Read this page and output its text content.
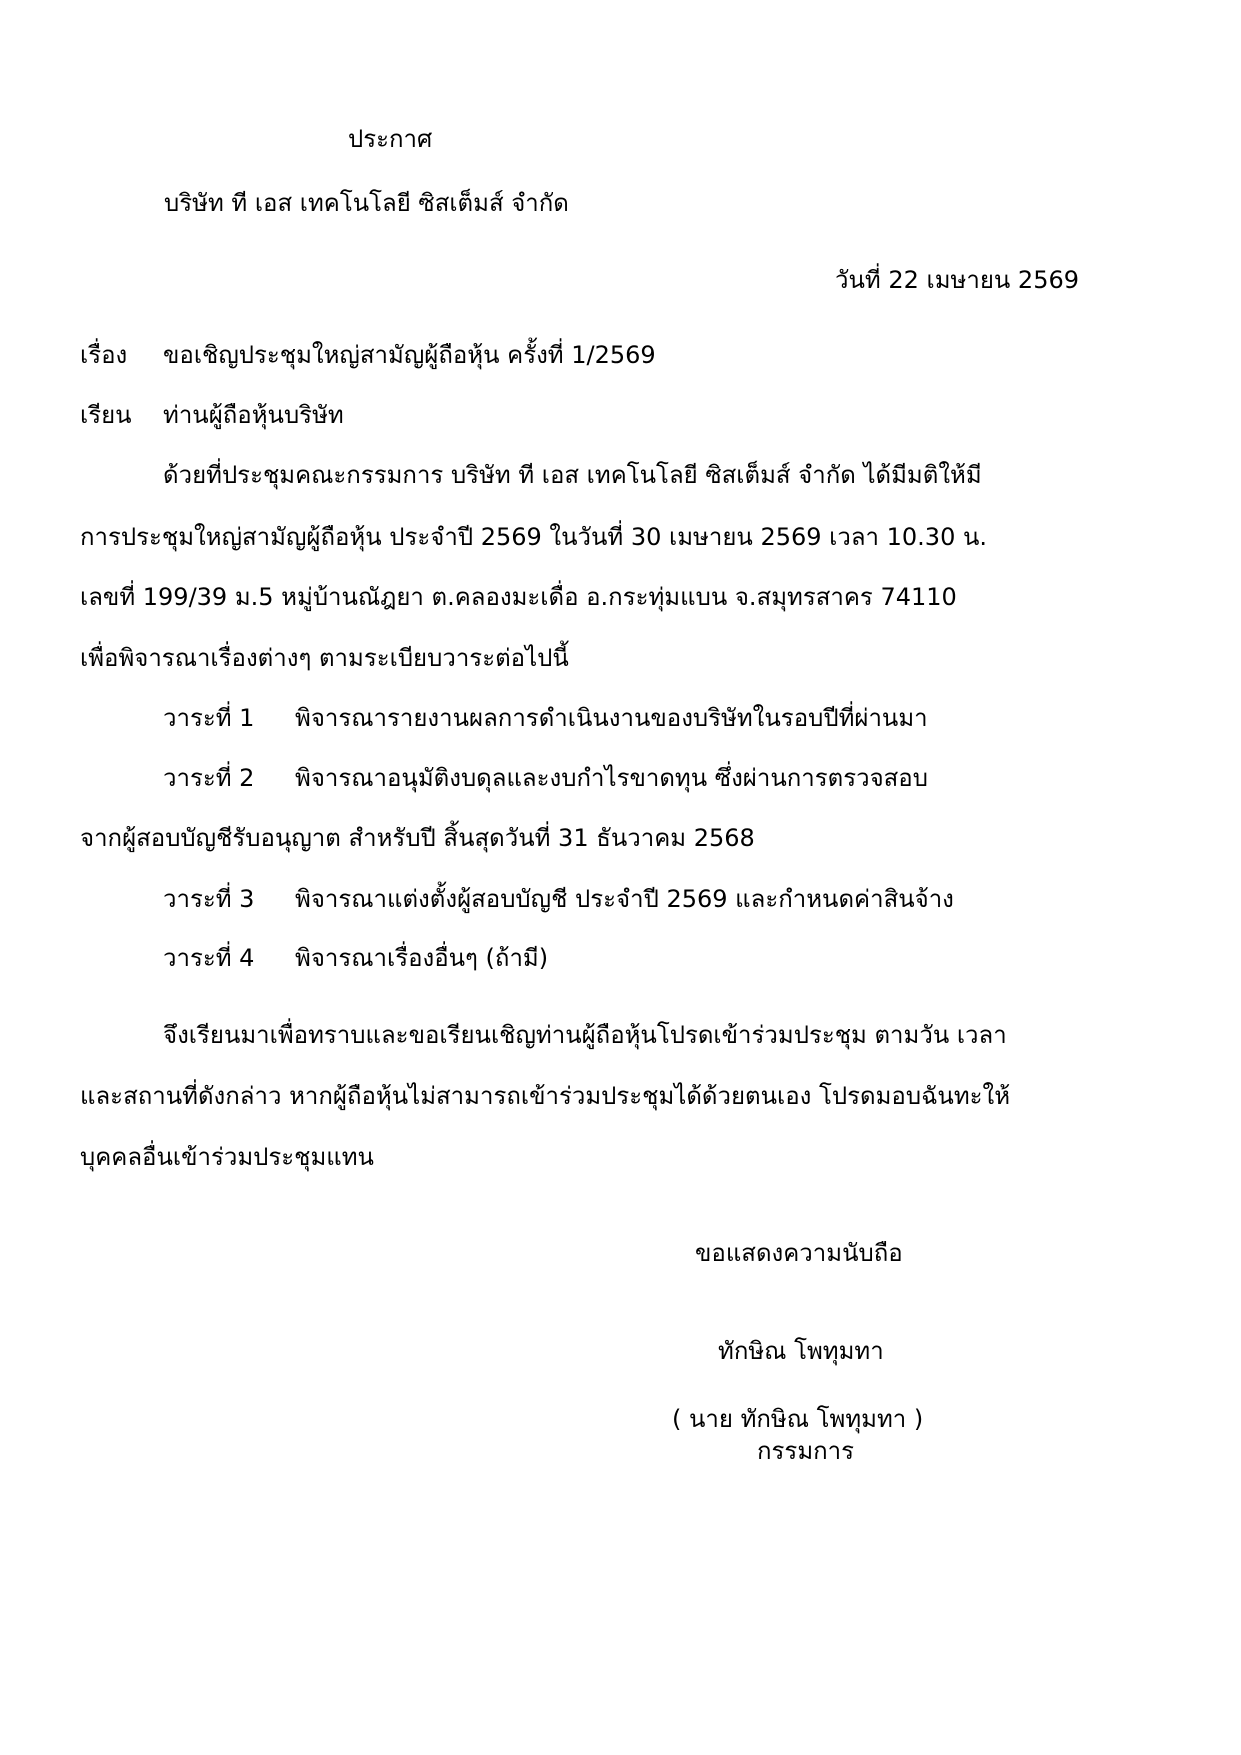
ประกาศ
บริษัท ที เอส เทคโนโลยี ซิสเต็มส์ จำกัด
วันที่ 22 เมษายน 2569
เรื่อง ขอเชิญประชุมใหญ่สามัญผู้ถือหุ้น ครั้งที่ 1/2569
เรียน ท่านผู้ถือหุ้นบริษัท
ด้วยที่ประชุมคณะกรรมการ บริษัท ที เอส เทคโนโลยี ซิสเต็มส์ จำกัด ได้มีมติให้มี
การประชุมใหญ่สามัญผู้ถือหุ้น ประจำปี 2569 ในวันที่ 30 เมษายน 2569 เวลา 10.30 น.
เลขที่ 199/39 ม.5 หมู่บ้านณัฎยา ต.คลองมะเดื่อ อ.กระทุ่มแบน จ.สมุทรสาคร 74110
เพื่อพิจารณาเรื่องต่างๆ ตามระเบียบวาระต่อไปนี้
วาระที่ 1 พิจารณารายงานผลการดำเนินงานของบริษัทในรอบปีที่ผ่านมา
วาระที่ 2 พิจารณาอนุมัติงบดุลและงบกำไรขาดทุน ซึ่งผ่านการตรวจสอบ
จากผู้สอบบัญชีรับอนุญาต สำหรับปี สิ้นสุดวันที่ 31 ธันวาคม 2568
วาระที่ 3 พิจารณาแต่งตั้งผู้สอบบัญชี ประจำปี 2569 และกำหนดค่าสินจ้าง
วาระที่ 4 พิจารณาเรื่องอื่นๆ (ถ้ามี)
จึงเรียนมาเพื่อทราบและขอเรียนเชิญท่านผู้ถือหุ้นโปรดเข้าร่วมประชุม ตามวัน เวลา
และสถานที่ดังกล่าว หากผู้ถือหุ้นไม่สามารถเข้าร่วมประชุมได้ด้วยตนเอง โปรดมอบฉันทะให้
บุคคลอื่นเข้าร่วมประชุมแทน
ขอแสดงความนับถือ
ทักษิณ โพทุมทา
( นาย ทักษิณ โพทุมทา )
กรรมการ
